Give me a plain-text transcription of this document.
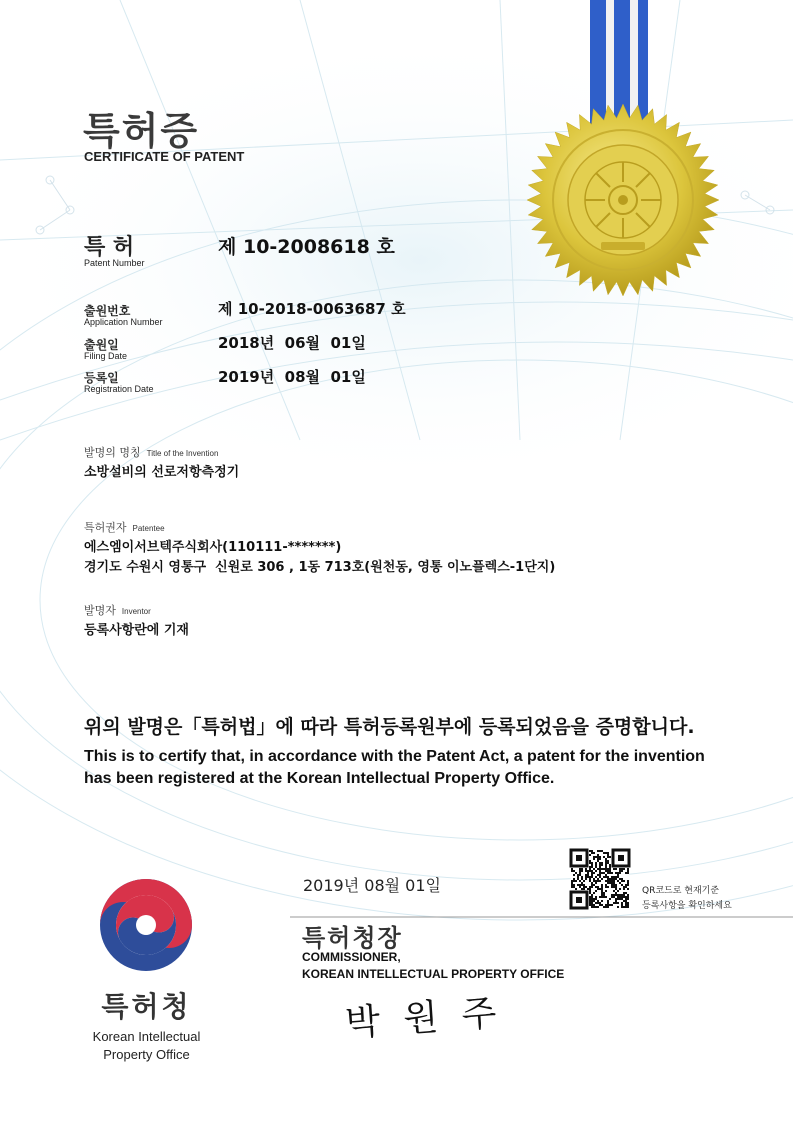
특허증
CERTIFICATE OF PATENT
특 허
Patent Number
제 10-2008618 호
출원번호
Application Number
제 10-2018-0063687 호
출원일
Filing Date
2018년  06월  01일
등록일
Registration Date
2019년  08월  01일
발명의 명칭 Title of the Invention
소방설비의 선로저항측정기
특허권자 Patentee
에스엠이서브텍주식회사(110111-*******)
경기도 수원시 영통구  신원로 306 , 1동 713호(원천동, 영통 이노플렉스-1단지)
발명자 Inventor
등록사항란에 기재
위의 발명은「특허법」에 따라 특허등록원부에 등록되었음을 증명합니다.
This is to certify that, in accordance with the Patent Act, a patent for the invention
has been registered at the Korean Intellectual Property Office.
2019년 08월 01일	QR코드로 현재기준
등록사항을 확인하세요
특허청장
COMMISSIONER,
KOREAN INTELLECTUAL PROPERTY OFFICE
박 원 주
특허청
Korean Intellectual
Property Office
